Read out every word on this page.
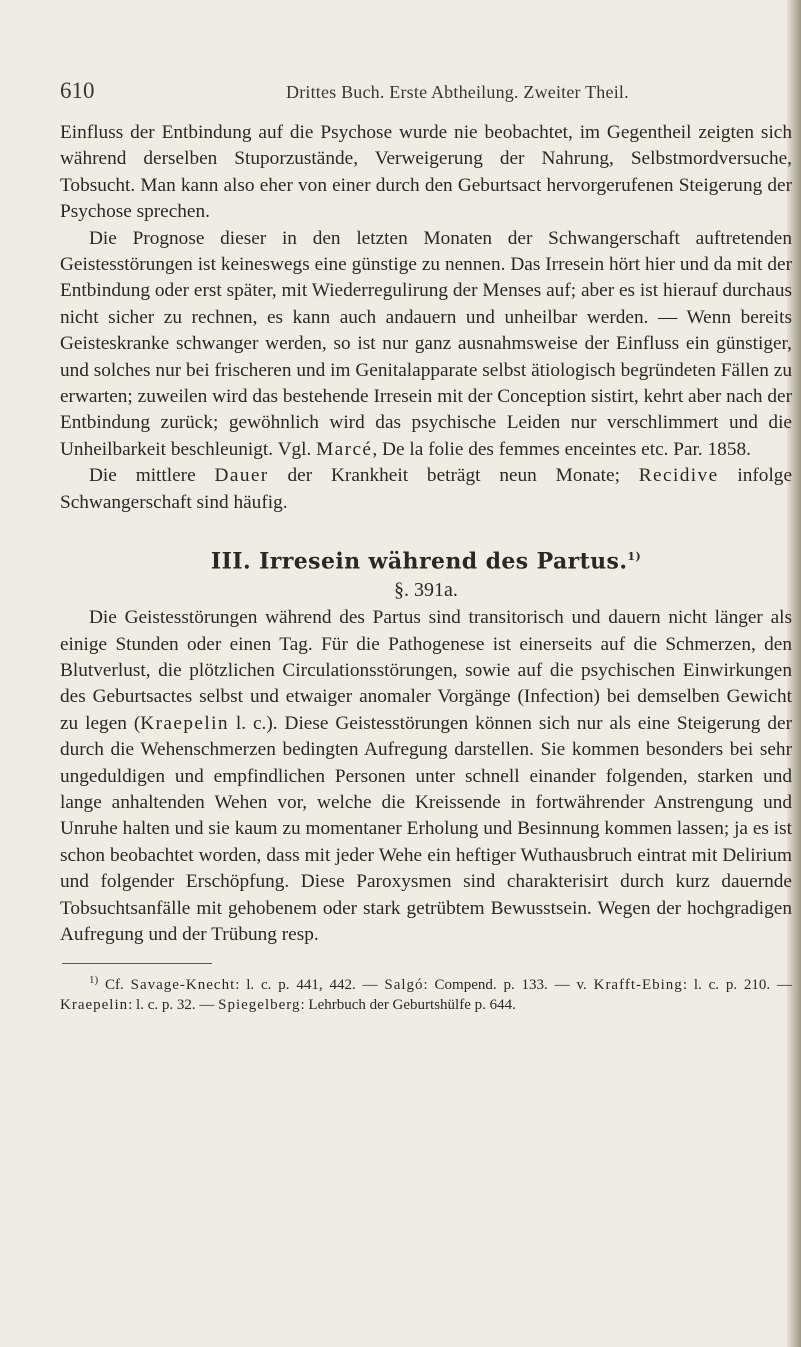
610	Drittes Buch. Erste Abtheilung. Zweiter Theil.

Einfluss der Entbindung auf die Psychose wurde nie beobachtet, im Gegentheil zeigten sich während derselben Stuporzustände, Verweigerung der Nahrung, Selbstmordversuche, Tobsucht. Man kann also eher von einer durch den Geburtsact hervorgerufenen Steigerung der Psychose sprechen.

Die Prognose dieser in den letzten Monaten der Schwangerschaft auftretenden Geistesstörungen ist keineswegs eine günstige zu nennen. Das Irresein hört hier und da mit der Entbindung oder erst später, mit Wiederregulirung der Menses auf; aber es ist hierauf durchaus nicht sicher zu rechnen, es kann auch andauern und unheilbar werden. — Wenn bereits Geisteskranke schwanger werden, so ist nur ganz ausnahmsweise der Einfluss ein günstiger, und solches nur bei frischeren und im Genitalapparate selbst ätiologisch begründeten Fällen zu erwarten; zuweilen wird das bestehende Irresein mit der Conception sistirt, kehrt aber nach der Entbindung zurück; gewöhnlich wird das psychische Leiden nur verschlimmert und die Unheilbarkeit beschleunigt. Vgl. Marcé, De la folie des femmes enceintes etc. Par. 1858.

Die mittlere Dauer der Krankheit beträgt neun Monate; Recidive infolge Schwangerschaft sind häufig.

III. Irresein während des Partus.$^{1)}$
§. 391a.

Die Geistesstörungen während des Partus sind transitorisch und dauern nicht länger als einige Stunden oder einen Tag. Für die Pathogenese ist einerseits auf die Schmerzen, den Blutverlust, die plötzlichen Circulationsstörungen, sowie auf die psychischen Einwirkungen des Geburtsactes selbst und etwaiger anomaler Vorgänge (Infection) bei demselben Gewicht zu legen (Kraepelin l. c.). Diese Geistesstörungen können sich nur als eine Steigerung der durch die Wehenschmerzen bedingten Aufregung darstellen. Sie kommen besonders bei sehr ungeduldigen und empfindlichen Personen unter schnell einander folgenden, starken und lange anhaltenden Wehen vor, welche die Kreissende in fortwährender Anstrengung und Unruhe halten und sie kaum zu momentaner Erholung und Besinnung kommen lassen; ja es ist schon beobachtet worden, dass mit jeder Wehe ein heftiger Wuthausbruch eintrat mit Delirium und folgender Erschöpfung. Diese Paroxysmen sind charakterisirt durch kurz dauernde Tobsuchtsanfälle mit gehobenem oder stark getrübtem Bewusstsein. Wegen der hochgradigen Aufregung und der Trübung resp.

$^{1)}$ Cf. Savage-Knecht: l. c. p. 441, 442. — Salgó: Compend. p. 133. — v. Krafft-Ebing: l. c. p. 210. — Kraepelin: l. c. p. 32. — Spiegelberg: Lehrbuch der Geburtshülfe p. 644.
